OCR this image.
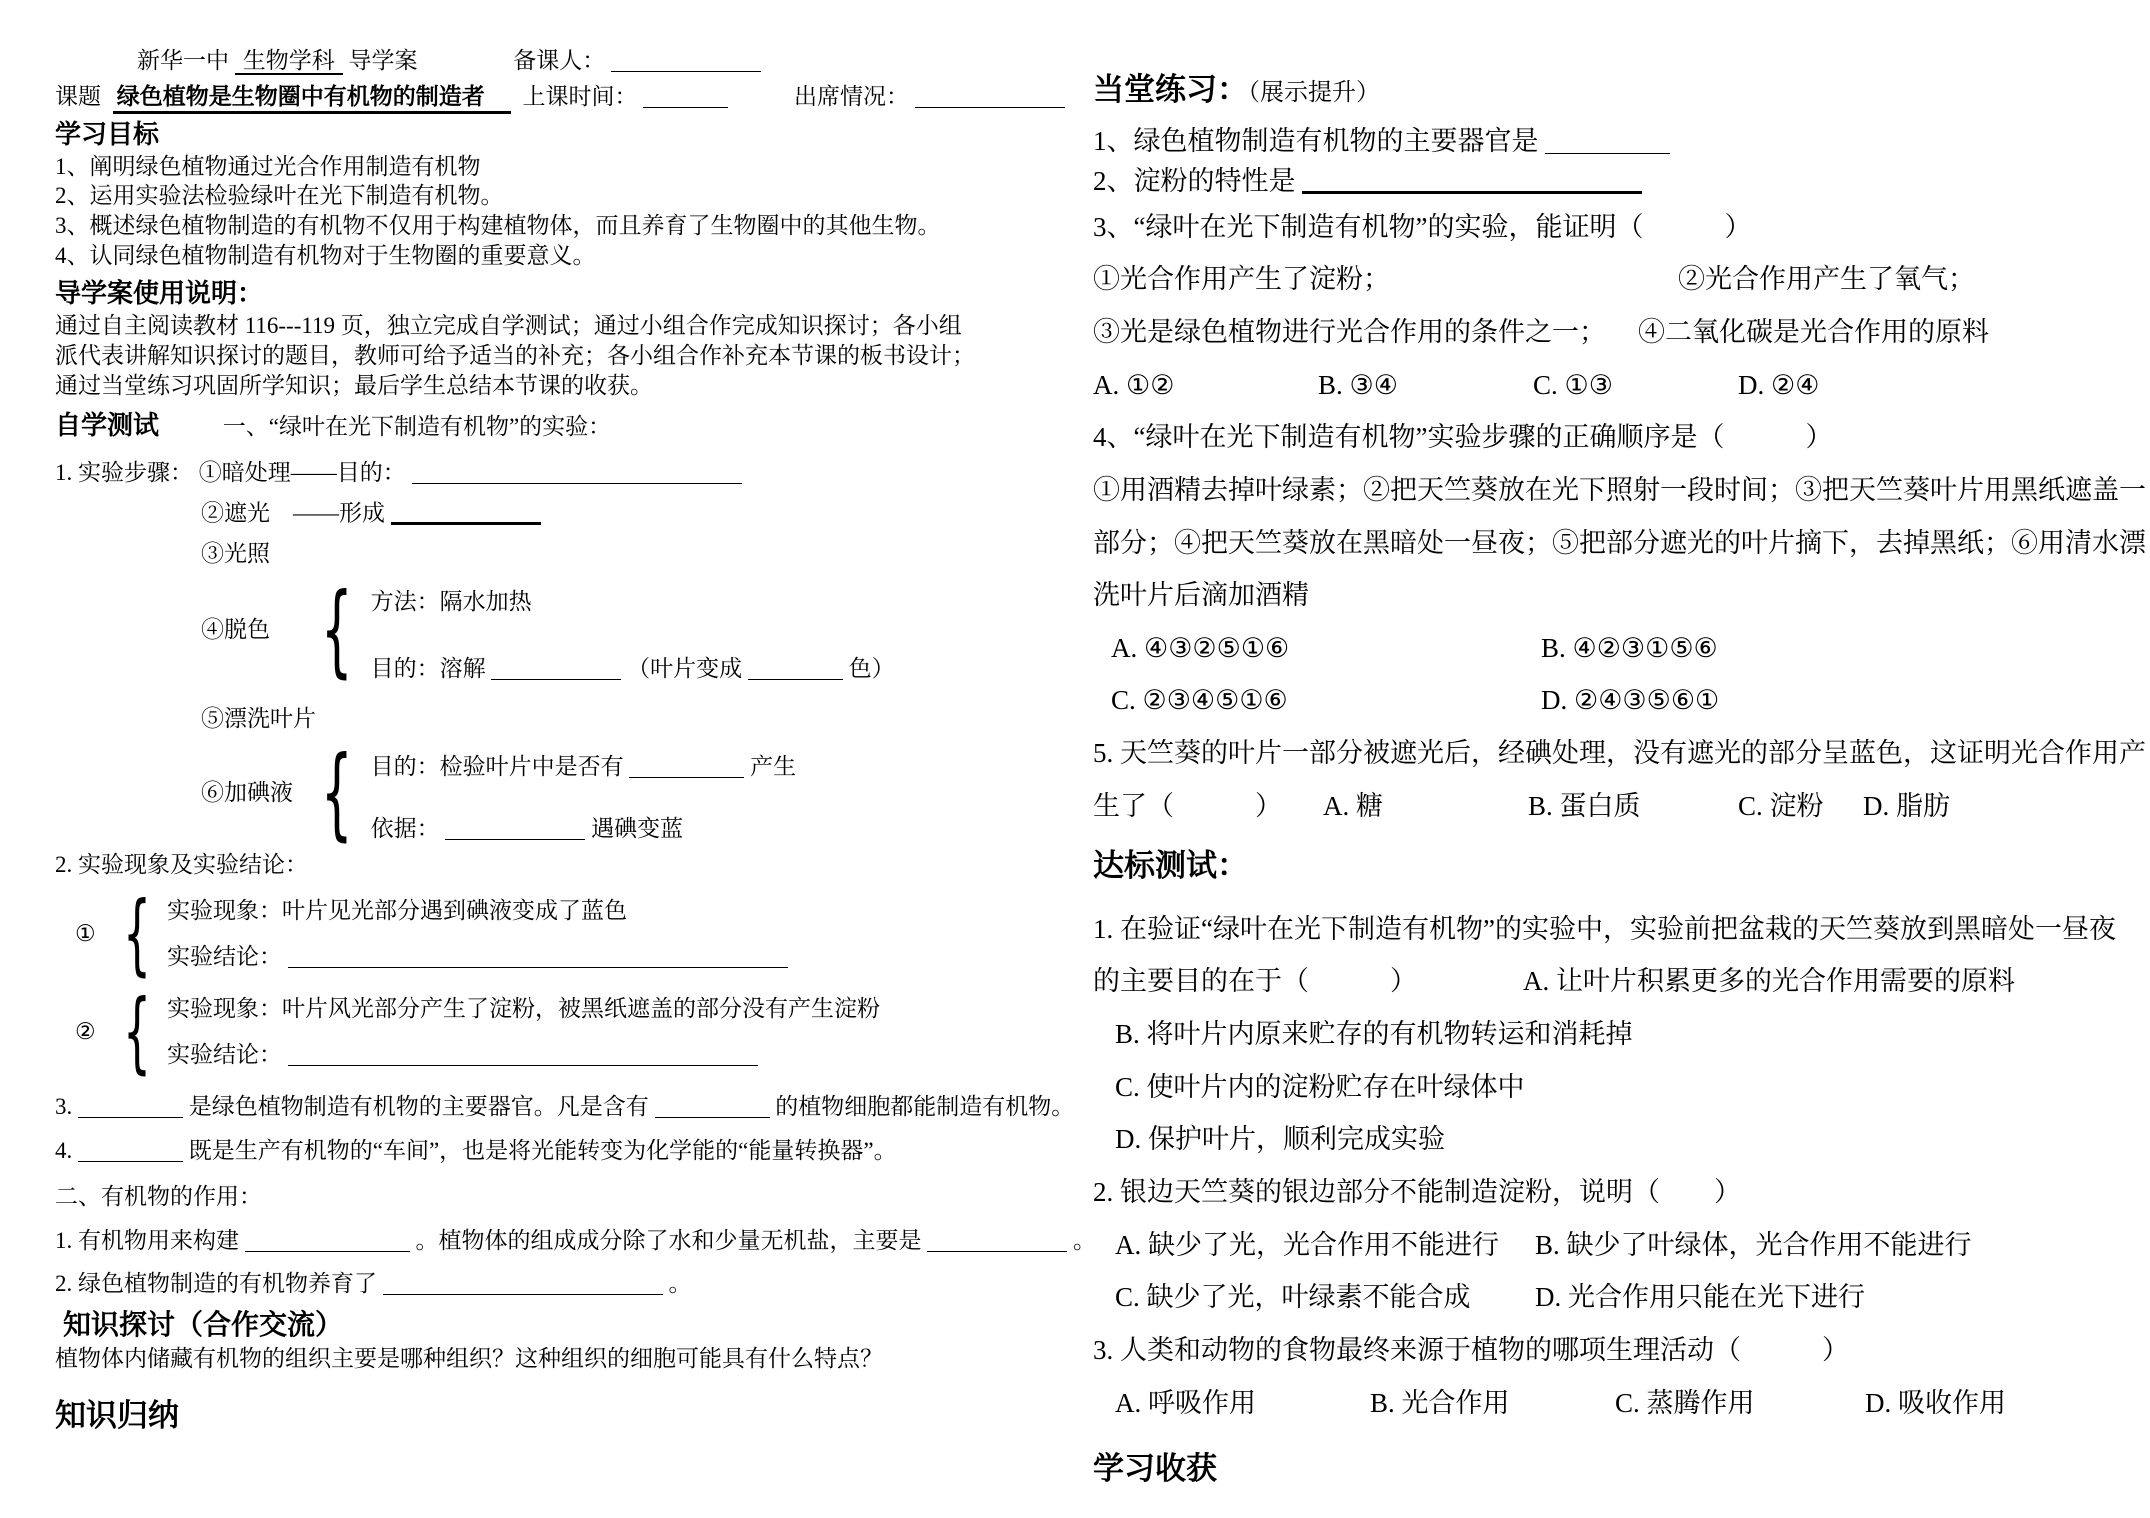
新华一中 生物学科 导学案	备课人：
课题 绿色植物是生物圈中有机物的制造者 上课时间：	出席情况：
学习目标
1、阐明绿色植物通过光合作用制造有机物
2、运用实验法检验绿叶在光下制造有机物。
3、概述绿色植物制造的有机物不仅用于构建植物体，而且养育了生物圈中的其他生物。
4、认同绿色植物制造有机物对于生物圈的重要意义。
导学案使用说明：
通过自主阅读教材 116---119 页，独立完成自学测试；通过小组合作完成知识探讨；各小组
派代表讲解知识探讨的题目，教师可给予适当的补充；各小组合作补充本节课的板书设计；
通过当堂练习巩固所学知识；最后学生总结本节课的收获。
自学测试	一、“绿叶在光下制造有机物”的实验：
1. 实验步骤： ①暗处理——目的：
②遮光　——形成
③光照
④脱色 { 方法：隔水加热
目的：溶解	（叶片变成	色）
⑤漂洗叶片
⑥加碘液 { 目的：检验叶片中是否有	产生
依据：	遇碘变蓝
2. 实验现象及实验结论：
① { 实验现象：叶片见光部分遇到碘液变成了蓝色
实验结论：
② { 实验现象：叶片风光部分产生了淀粉，被黑纸遮盖的部分没有产生淀粉
实验结论：
3.	是绿色植物制造有机物的主要器官。凡是含有	的植物细胞都能制造有机物。
4.	既是生产有机物的“车间”，也是将光能转变为化学能的“能量转换器”。
二、有机物的作用：
1. 有机物用来构建	。植物体的组成成分除了水和少量无机盐，主要是	。
2. 绿色植物制造的有机物养育了	。
知识探讨（合作交流）
植物体内储藏有机物的组织主要是哪种组织？这种组织的细胞可能具有什么特点？
知识归纳
当堂练习：（展示提升）
1、绿色植物制造有机物的主要器官是
2、淀粉的特性是
3、“绿叶在光下制造有机物”的实验，能证明（　　　）
①光合作用产生了淀粉；	②光合作用产生了氧气；
③光是绿色植物进行光合作用的条件之一；	④二氧化碳是光合作用的原料
A. ①②	B. ③④	C. ①③	D. ②④
4、“绿叶在光下制造有机物”实验步骤的正确顺序是（　　　）
①用酒精去掉叶绿素；②把天竺葵放在光下照射一段时间；③把天竺葵叶片用黑纸遮盖一
部分；④把天竺葵放在黑暗处一昼夜；⑤把部分遮光的叶片摘下，去掉黑纸；⑥用清水漂
洗叶片后滴加酒精
A. ④③②⑤①⑥	B. ④②③①⑤⑥
C. ②③④⑤①⑥	D. ②④③⑤⑥①
5. 天竺葵的叶片一部分被遮光后，经碘处理，没有遮光的部分呈蓝色，这证明光合作用产
生了（　　　）	A. 糖	B. 蛋白质	C. 淀粉	D. 脂肪
达标测试：
1. 在验证“绿叶在光下制造有机物”的实验中，实验前把盆栽的天竺葵放到黑暗处一昼夜
的主要目的在于（　　　）	A. 让叶片积累更多的光合作用需要的原料
B. 将叶片内原来贮存的有机物转运和消耗掉
C. 使叶片内的淀粉贮存在叶绿体中
D. 保护叶片，顺利完成实验
2. 银边天竺葵的银边部分不能制造淀粉，说明（　　）
A. 缺少了光，光合作用不能进行	B. 缺少了叶绿体，光合作用不能进行
C. 缺少了光，叶绿素不能合成	D. 光合作用只能在光下进行
3. 人类和动物的食物最终来源于植物的哪项生理活动（　　　）
A. 呼吸作用	B. 光合作用	C. 蒸腾作用	D. 吸收作用
学习收获
